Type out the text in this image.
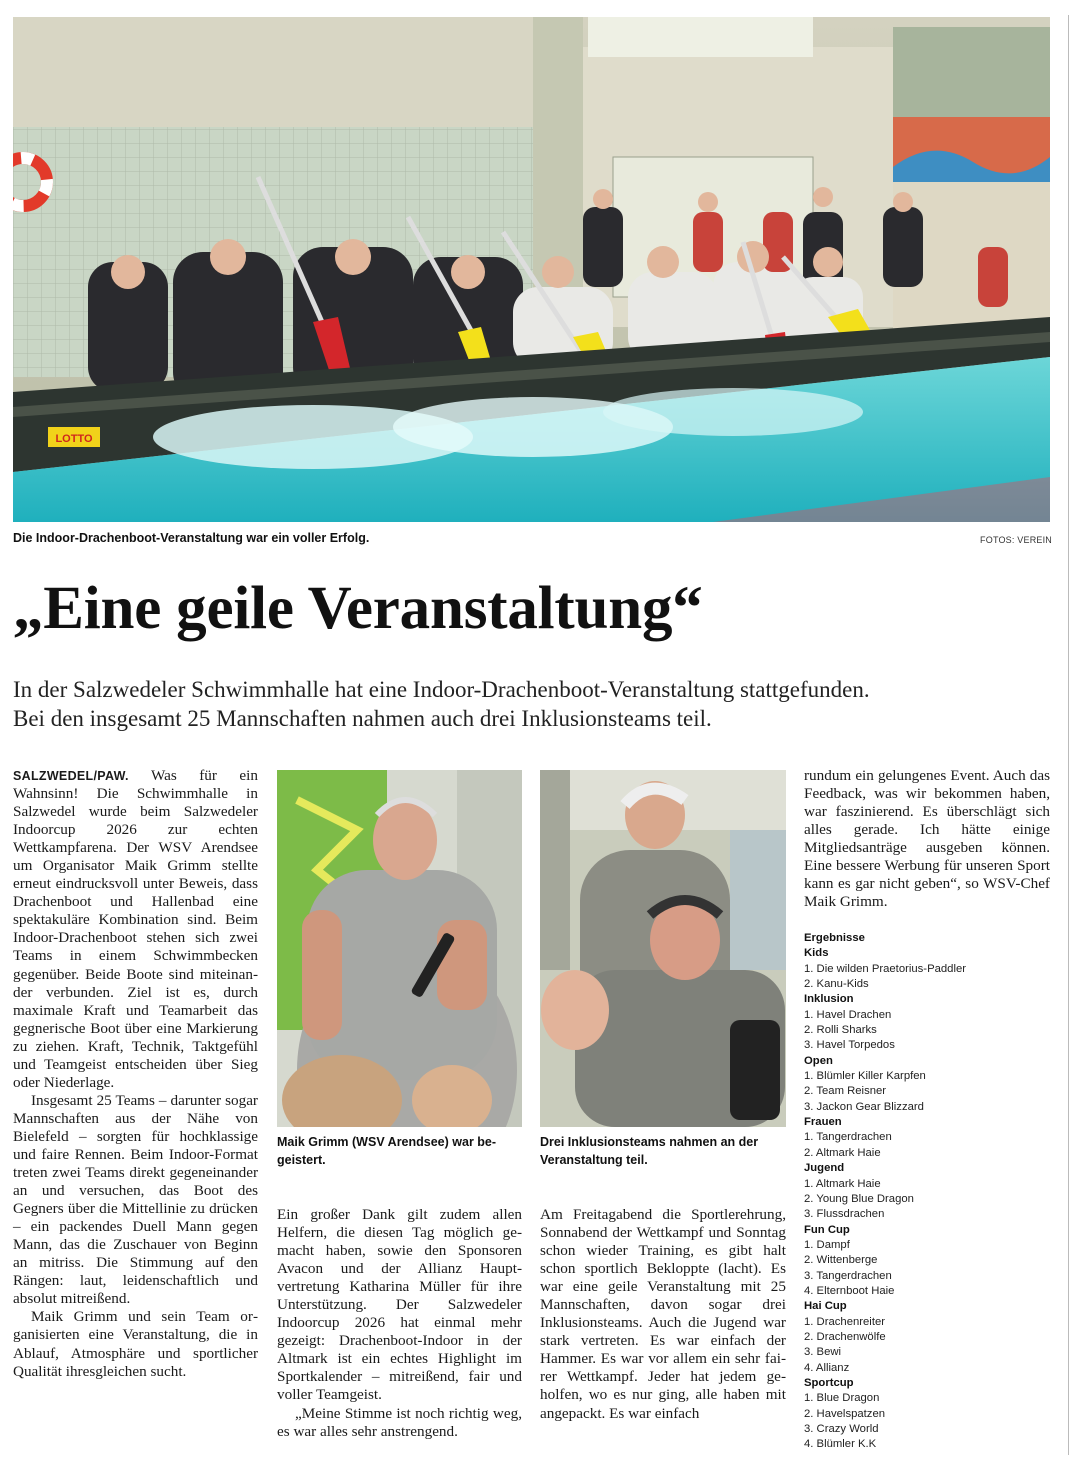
LOTTO
Die Indoor-Drachenboot-Veranstaltung war ein voller Erfolg.	FOTOS: VEREIN
„Eine geile Veranstaltung“

In der Salzwedeler Schwimmhalle hat eine Indoor-Drachenboot-Veranstaltung stattgefunden.

Bei den insgesamt 25 Mannschaften nahmen auch drei Inklusionsteams teil.

SALZWEDEL/PAW. Was für ein Wahnsinn! Die Schwimmhalle in Salzwedel wurde beim Salzwedeler Indoorcup 2026 zur echten Wettkampfarena. Der WSV Arendsee um Organisator Maik Grimm stellte erneut eindrucksvoll unter Beweis, dass Drachenboot und Hallenbad eine spektakuläre Kombination sind. Beim Indoor-Drachenboot stehen sich zwei Teams in einem Schwimmbecken gegenüber. Beide Boote sind miteinander verbunden. Ziel ist es, durch maximale Kraft und Teamarbeit das gegnerische Boot über eine Markierung zu ziehen. Kraft, Technik, Taktgefühl und Teamgeist entscheiden über Sieg oder Niederlage.

Insgesamt 25 Teams – darunter sogar Mannschaften aus der Nähe von Bielefeld – sorgten für hochklassige und faire Rennen. Beim Indoor-Format treten zwei Teams direkt gegeneinander an und versuchen, das Boot des Gegners über die Mittellinie zu drücken – ein packendes Duell Mann gegen Mann, das die Zuschauer von Beginn an mitriss. Die Stimmung auf den Rängen: laut, leidenschaftlich und absolut mitreißend.

Maik Grimm und sein Team organisierten eine Veranstaltung, die in Ablauf, Atmosphäre und sportlicher Qualität ihresgleichen sucht.

Maik Grimm (WSV Arendsee) war begeistert.
Drei Inklusionsteams nahmen an der Veranstaltung teil.

Ein großer Dank gilt zudem allen Helfern, die diesen Tag möglich gemacht haben, sowie den Sponsoren Avacon und der Allianz Hauptvertretung Katharina Müller für ihre Unterstützung. Der Salzwedeler Indoorcup 2026 hat einmal mehr gezeigt: Drachenboot-Indoor in der Altmark ist ein echtes Highlight im Sportkalender – mitreißend, fair und voller Teamgeist.

„Meine Stimme ist noch richtig weg, es war alles sehr anstrengend.

Am Freitagabend die Sportlerehrung, Sonnabend der Wettkampf und Sonntag schon wieder Training, es gibt halt schon sportlich Bekloppte (lacht). Es war eine geile Veranstaltung mit 25 Mannschaften, davon sogar drei Inklusionsteams. Auch die Jugend war stark vertreten. Es war einfach der Hammer. Es war vor allem ein sehr fairer Wettkampf. Jeder hat jedem geholfen, wo es nur ging, alle haben mit angepackt. Es war einfach

rundum ein gelungenes Event. Auch das Feedback, was wir bekommen haben, war faszinierend. Es überschlägt sich alles gerade. Ich hätte einige Mitgliedsanträge ausgeben können. Eine bessere Werbung für unseren Sport kann es gar nicht geben“, so WSV-Chef Maik Grimm.

Ergebnisse
Kids
1. Die wilden Praetorius-Paddler
2. Kanu-Kids
Inklusion
1. Havel Drachen
2. Rolli Sharks
3. Havel Torpedos
Open
1. Blümler Killer Karpfen
2. Team Reisner
3. Jackon Gear Blizzard
Frauen
1. Tangerdrachen
2. Altmark Haie
Jugend
1. Altmark Haie
2. Young Blue Dragon
3. Flussdrachen
Fun Cup
1. Dampf
2. Wittenberge
3. Tangerdrachen
4. Elternboot Haie
Hai Cup
1. Drachenreiter
2. Drachenwölfe
3. Bewi
4. Allianz
Sportcup
1. Blue Dragon
2. Havelspatzen
3. Crazy World
4. Blümler K.K
